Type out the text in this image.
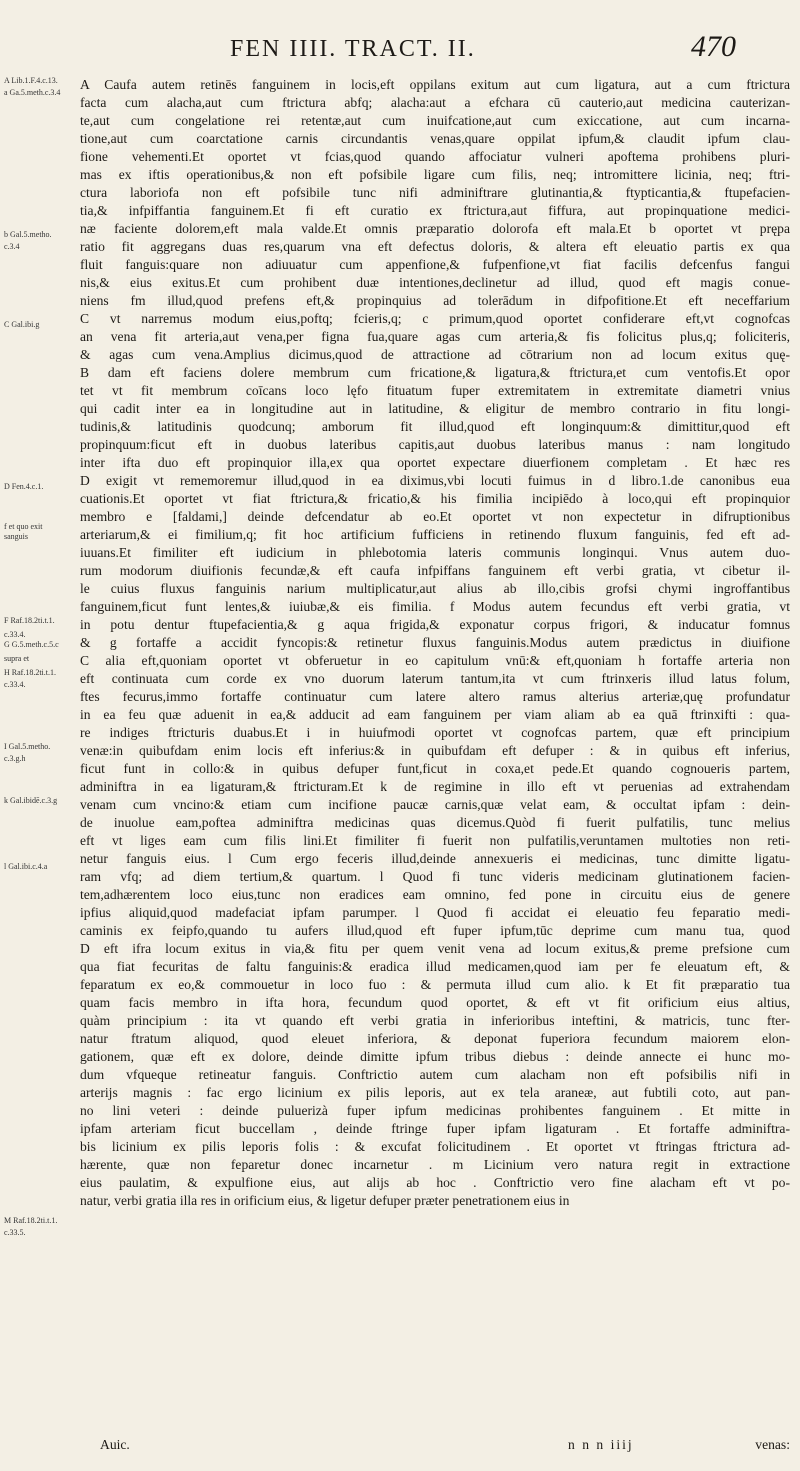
FEN IIII. TRACT. II.	470
A Lib.1.F.4.c.13.
a Ga.5.meth.c.3.4
b Gal.5.metho.
c.3.4
C Gal.ibi.g
D Fen.4.c.1.
f et quo exit
sanguis
F Raf.18.2ti.t.1.
c.33.4.
G G.5.meth.c.5.c
supra et
H Raf.18.2ti.t.1.
c.33.4.
I Gal.5.metho.
c.3.g.h
k Gal.ibidē.c.3.g
l Gal.ibi.c.4.a
M Raf.18.2ti.t.1.
c.33.5.
A Caufa autem retinēs fanguinem in locis,eft oppilans exitum aut cum ligatura, aut a cum ftrictura
facta cum alacha,aut cum ftrictura abfq; alacha:aut a efchara cū cauterio,aut medicina cauterizan-
te,aut cum congelatione rei retentæ,aut cum inuifcatione,aut cum exiccatione, aut cum incarna-
tione,aut cum coarctatione carnis circundantis venas,quare oppilat ipfum,& claudit ipfum clau-
fione vehementi.Et oportet vt fcias,quod quando affociatur vulneri apoftema prohibens pluri-
mas ex iftis operationibus,& non eft pofsibile ligare cum filis, neq; intromittere licinia, neq; ftri-
ctura laboriofa non eft pofsibile tunc nifi adminiftrare glutinantia,& ftypticantia,& ftupefacien-
tia,& infpiffantia fanguinem.Et fi eft curatio ex ftrictura,aut fiffura, aut propinquatione medici-
næ faciente dolorem,eft mala valde.Et omnis præparatio dolorofa eft mala.Et b oportet vt prępa
ratio fit aggregans duas res,quarum vna eft defectus doloris, & altera eft eleuatio partis ex qua
fluit fanguis:quare non adiuuatur cum appenfione,& fufpenfione,vt fiat facilis defcenfus fangui
nis,& eius exitus.Et cum prohibent duæ intentiones,declinetur ad illud, quod eft magis conue-
niens fm illud,quod prefens eft,& propinquius ad tolerādum in difpofitione.Et eft neceffarium
C vt narremus modum eius,poftq; fcieris,q; c primum,quod oportet confiderare eft,vt cognofcas
an vena fit arteria,aut vena,per figna fua,quare agas cum arteria,& fis folicitus plus,q; foliciteris,
& agas cum vena.Amplius dicimus,quod de attractione ad cōtrarium non ad locum exitus quę-
B dam eft faciens dolere membrum cum fricatione,& ligatura,& ftrictura,et cum ventofis.Et opor
tet vt fit membrum coīcans loco lęfo fituatum fuper extremitatem in extremitate diametri vnius
qui cadit inter ea in longitudine aut in latitudine, & eligitur de membro contrario in fitu longi-
tudinis,& latitudinis quodcunq; amborum fit illud,quod eft longinquum:& dimittitur,quod eft
propinquum:ficut eft in duobus lateribus capitis,aut duobus lateribus manus : nam longitudo
inter ifta duo eft propinquior illa,ex qua oportet expectare diuerfionem completam . Et hæc res
D exigit vt rememoremur illud,quod in ea diximus,vbi locuti fuimus in d libro.1.de canonibus eua
cuationis.Et oportet vt fiat ftrictura,& fricatio,& his fimilia incipiēdo à loco,qui eft propinquior
membro e [faldami,] deinde defcendatur ab eo.Et oportet vt non expectetur in difruptionibus
arteriarum,& ei fimilium,q; fit hoc artificium fufficiens in retinendo fluxum fanguinis, fed eft ad-
iuuans.Et fimiliter eft iudicium in phlebotomia lateris communis longinqui. Vnus autem duo-
rum modorum diuifionis fecundæ,& eft caufa infpiffans fanguinem eft verbi gratia, vt cibetur il-
le cuius fluxus fanguinis narium multiplicatur,aut alius ab illo,cibis grofsi chymi ingroffantibus
fanguinem,ficut funt lentes,& iuiubæ,& eis fimilia. f Modus autem fecundus eft verbi gratia, vt
in potu dentur ftupefacientia,& g aqua frigida,& exponatur corpus frigori, & inducatur fomnus
& g fortaffe a accidit fyncopis:& retinetur fluxus fanguinis.Modus autem prædictus in diuifione
C alia eft,quoniam oportet vt obferuetur in eo capitulum vnū:& eft,quoniam h fortaffe arteria non
eft continuata cum corde ex vno duorum laterum tantum,ita vt cum ftrinxeris illud latus folum,
ftes fecurus,immo fortaffe continuatur cum latere altero ramus alterius arteriæ,quę profundatur
in ea feu quæ aduenit in ea,& adducit ad eam fanguinem per viam aliam ab ea quā ftrinxifti : qua-
re indiges ftricturis duabus.Et i in huiufmodi oportet vt cognofcas partem, quæ eft principium
venæ:in quibufdam enim locis eft inferius:& in quibufdam eft defuper : & in quibus eft inferius,
ficut funt in collo:& in quibus defuper funt,ficut in coxa,et pede.Et quando cognoueris partem,
adminiftra in ea ligaturam,& ftricturam.Et k de regimine in illo eft vt peruenias ad extrahendam
venam cum vncino:& etiam cum incifione paucæ carnis,quæ velat eam, & occultat ipfam : dein-
de inuolue eam,poftea adminiftra medicinas quas dicemus.Quòd fi fuerit pulfatilis, tunc melius
eft vt liges eam cum filis lini.Et fimiliter fi fuerit non pulfatilis,veruntamen multoties non reti-
netur fanguis eius. l Cum ergo feceris illud,deinde annexueris ei medicinas, tunc dimitte ligatu-
ram vfq; ad diem tertium,& quartum. l Quod fi tunc videris medicinam glutinationem facien-
tem,adhærentem loco eius,tunc non eradices eam omnino, fed pone in circuitu eius de genere
ipfius aliquid,quod madefaciat ipfam parumper. l Quod fi accidat ei eleuatio feu feparatio medi-
caminis ex feipfo,quando tu aufers illud,quod eft fuper ipfum,tūc deprime cum manu tua, quod
D eft ifra locum exitus in via,& fitu per quem venit vena ad locum exitus,& preme prefsione cum
qua fiat fecuritas de faltu fanguinis:& eradica illud medicamen,quod iam per fe eleuatum eft, &
feparatum ex eo,& commouetur in loco fuo : & permuta illud cum alio. k Et fit præparatio tua
quam facis membro in ifta hora, fecundum quod oportet, & eft vt fit orificium eius altius,
quàm principium : ita vt quando eft verbi gratia in inferioribus inteftini, & matricis, tunc fter-
natur ftratum aliquod, quod eleuet inferiora, & deponat fuperiora fecundum maiorem elon-
gationem, quæ eft ex dolore, deinde dimitte ipfum tribus diebus : deinde annecte ei hunc mo-
dum vfqueque retineatur fanguis. Conftrictio autem cum alacham non eft pofsibilis nifi in
arterijs magnis : fac ergo licinium ex pilis leporis, aut ex tela araneæ, aut fubtili coto, aut pan-
no lini veteri : deinde puluerizà fuper ipfum medicinas prohibentes fanguinem . Et mitte in
ipfam arteriam ficut buccellam , deinde ftringe fuper ipfam ligaturam . Et fortaffe adminiftra-
bis licinium ex pilis leporis folis : & excufat folicitudinem . Et oportet vt ftringas ftrictura ad-
hærente, quæ non feparetur donec incarnetur . m Licinium vero natura regit in extractione
eius paulatim, & expulfione eius, aut alijs ab hoc . Conftrictio vero fine alacham eft vt po-
natur, verbi gratia illa res in orificium eius, & ligetur defuper præter penetrationem eius in
Auic.	n n n iiij	venas:
